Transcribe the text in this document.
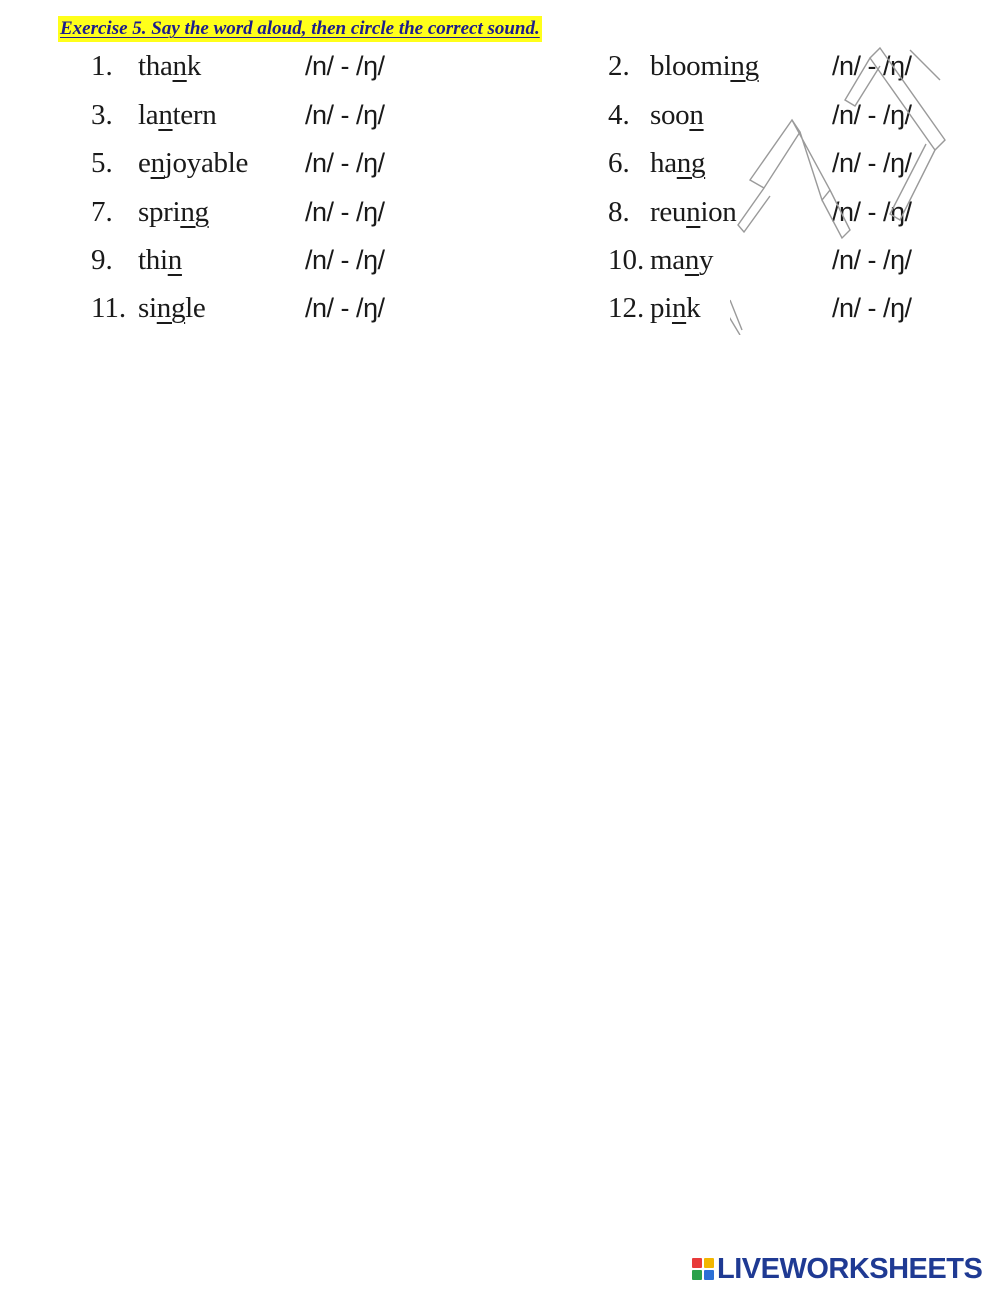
Exercise 5. Say the word aloud, then circle the correct sound.
1. thank	/n/ - /ŋ/	2. blooming	/n/ - /ŋ/
3. lantern	/n/ - /ŋ/	4. soon	/n/ - /ŋ/
5. enjoyable /n/ - /ŋ/	6. hang	/n/ - /ŋ/
7. spring	/n/ - /ŋ/	8. reunion	/n/ - /ŋ/
9. thin	/n/ - /ŋ/	10. many	/n/ - /ŋ/
11. single	/n/ - /ŋ/	12. pink	/n/ - /ŋ/
LIVEWORKSHEETS
